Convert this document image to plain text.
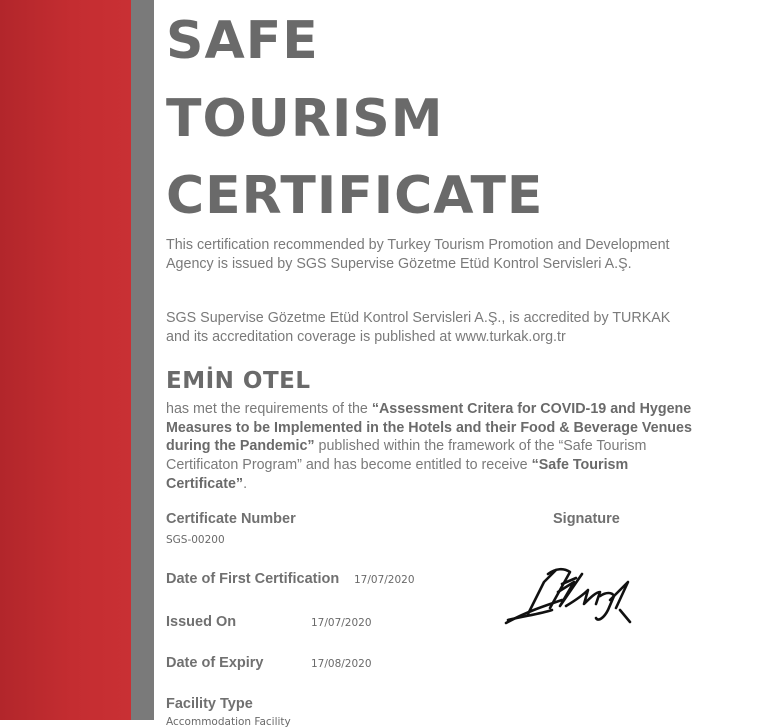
SAFE
TOURISM
CERTIFICATE

This certification recommended by Turkey Tourism Promotion and Development Agency is issued by SGS Supervise Gözetme Etüd Kontrol Servisleri A.Ş.

SGS Supervise Gözetme Etüd Kontrol Servisleri A.Ş., is accredited by TURKAK and its accreditation coverage is published at www.turkak.org.tr

EMİN OTEL

has met the requirements of the “Assessment Critera for COVID-19 and Hygene Measures to be Implemented in the Hotels and their Food & Beverage Venues during the Pandemic” published within the framework of the “Safe Tourism Certificaton Program” and has become entitled to receive “Safe Tourism Certificate”.

Certificate Number
SGS-00200
Signature
Date of First Certification 17/07/2020
Issued On	17/07/2020
Date of Expiry	17/08/2020
Facility Type
Accommodation Facility
